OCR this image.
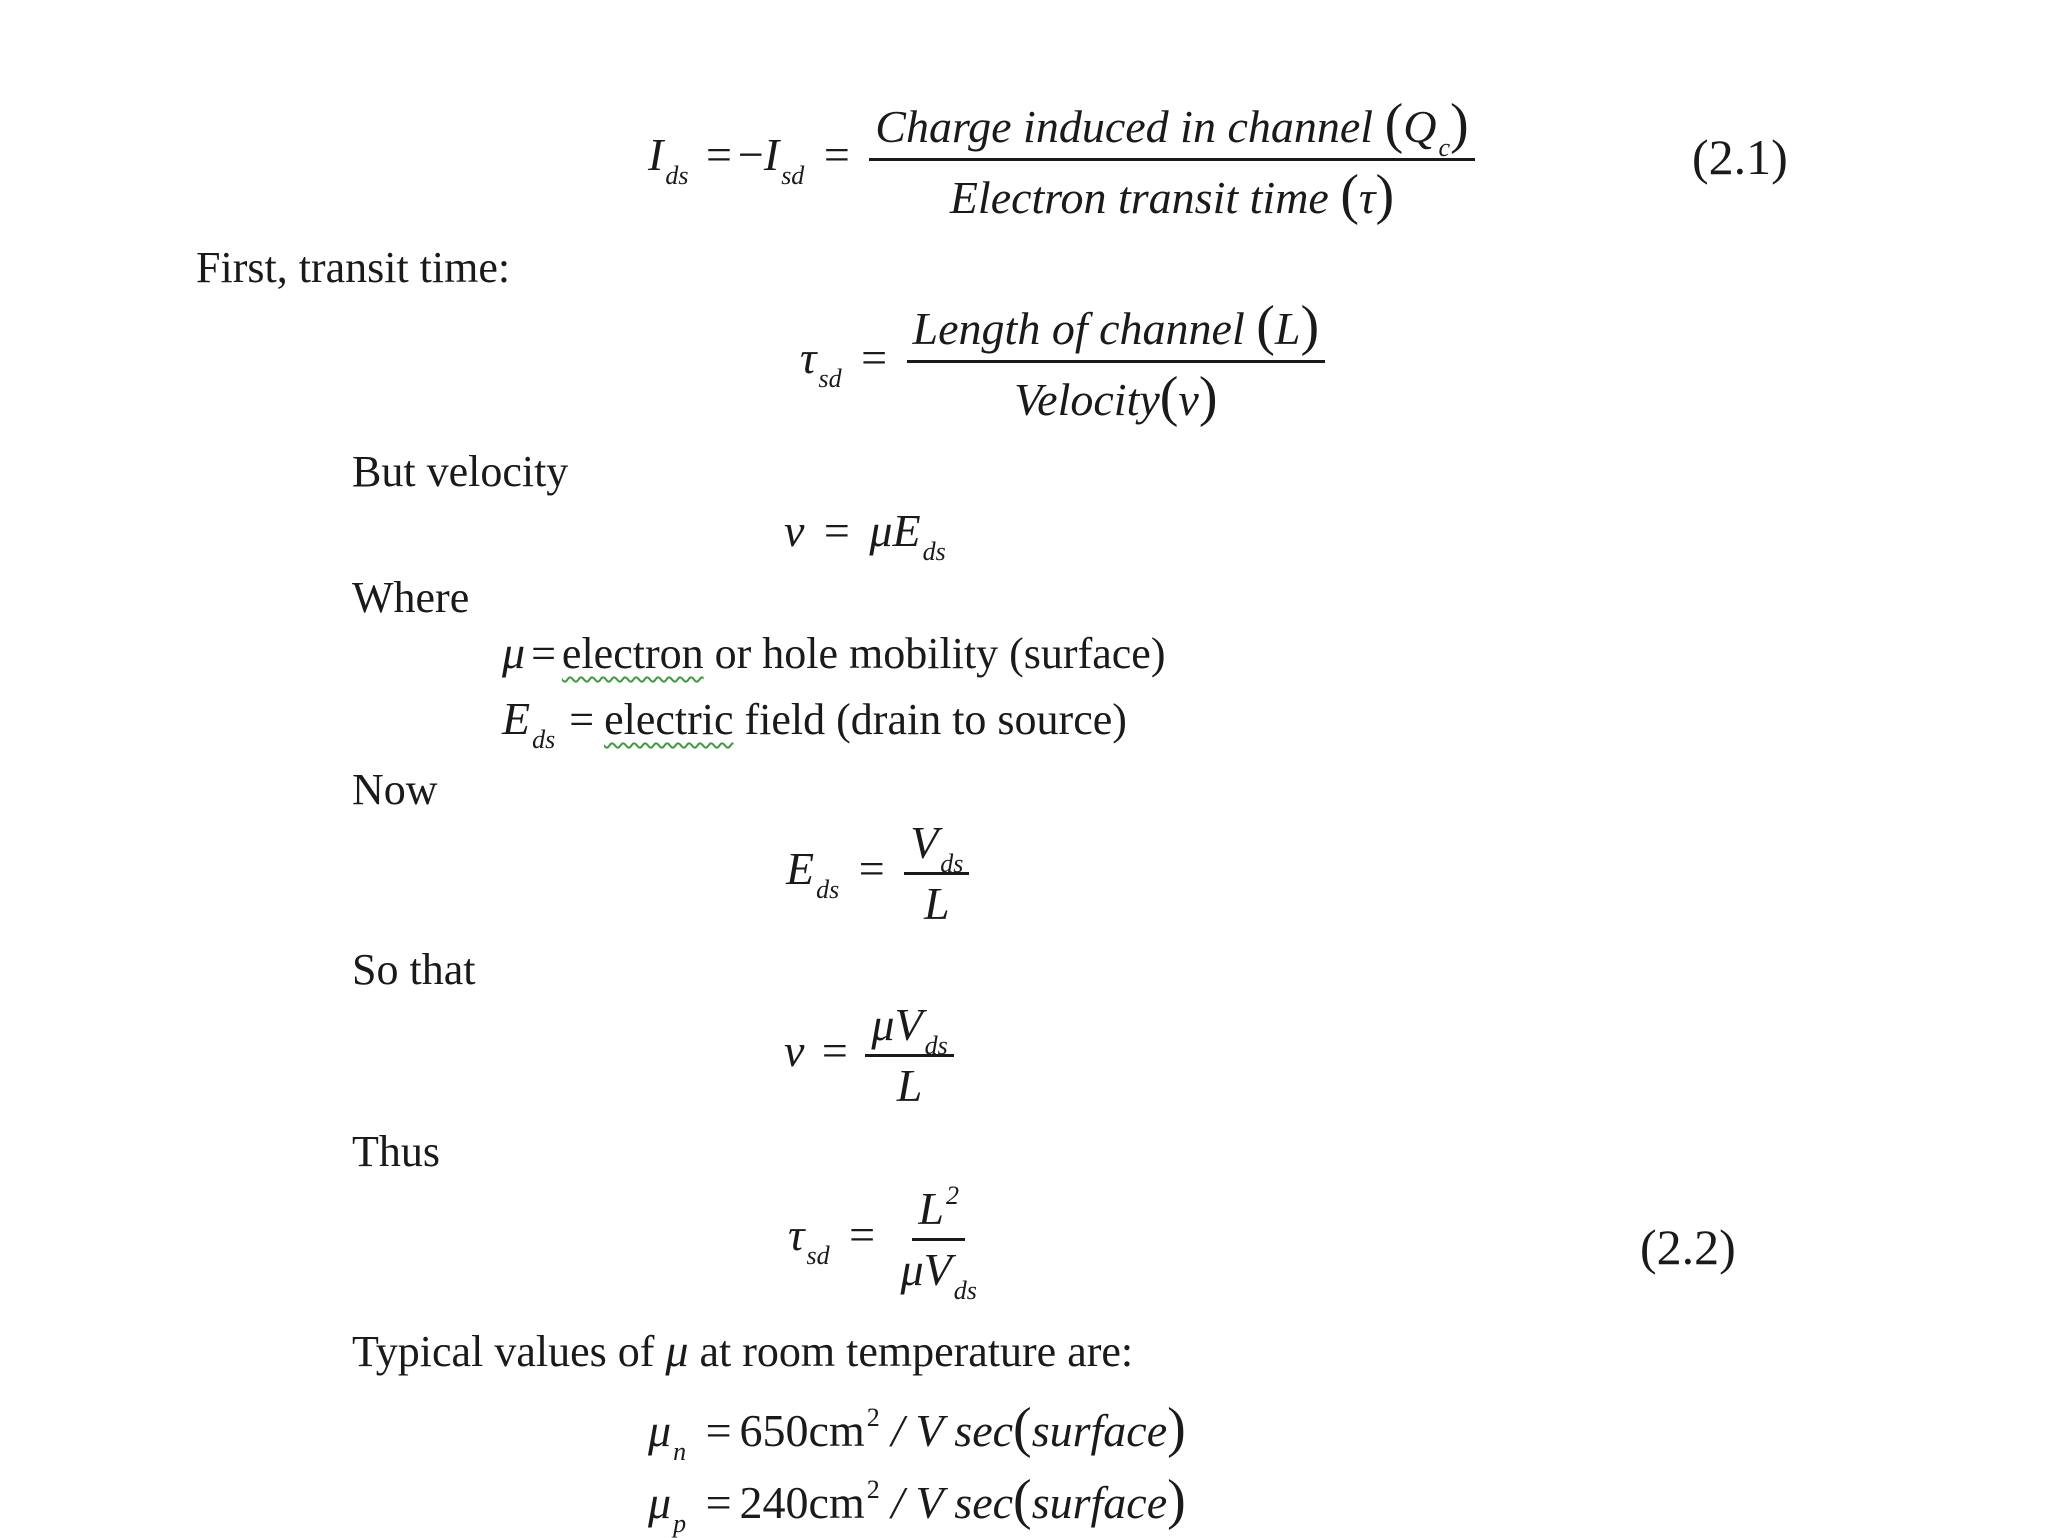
$I_{ds} = -I_{sd} = \frac{Charge induced in channel (Q_c)}{\text{Electron transit time (τ)}}$	(2.1)
First, transit time:
$\tau_{sd} = \frac{\text{Length of channel (L)}}{\text{Velocity(v)}}$
But velocity
$v = \mu E_{ds}$
Where
μ = electron or hole mobility (surface)
$E_{ds}$ = electric field (drain to source)
Now
$E_{ds} = \frac{V_{ds}}{L}$
So that
$v = \frac{\mu V_{ds}}{L}$
Thus
$\tau_{sd} = \frac{L^2}{\mu V_{ds}}$	(2.2)
Typical values of μ at room temperature are:
$\mu_n = 650cm^2 / V$ sec(surface)
$\mu_p = 240cm^2 / V$ sec(surface)
